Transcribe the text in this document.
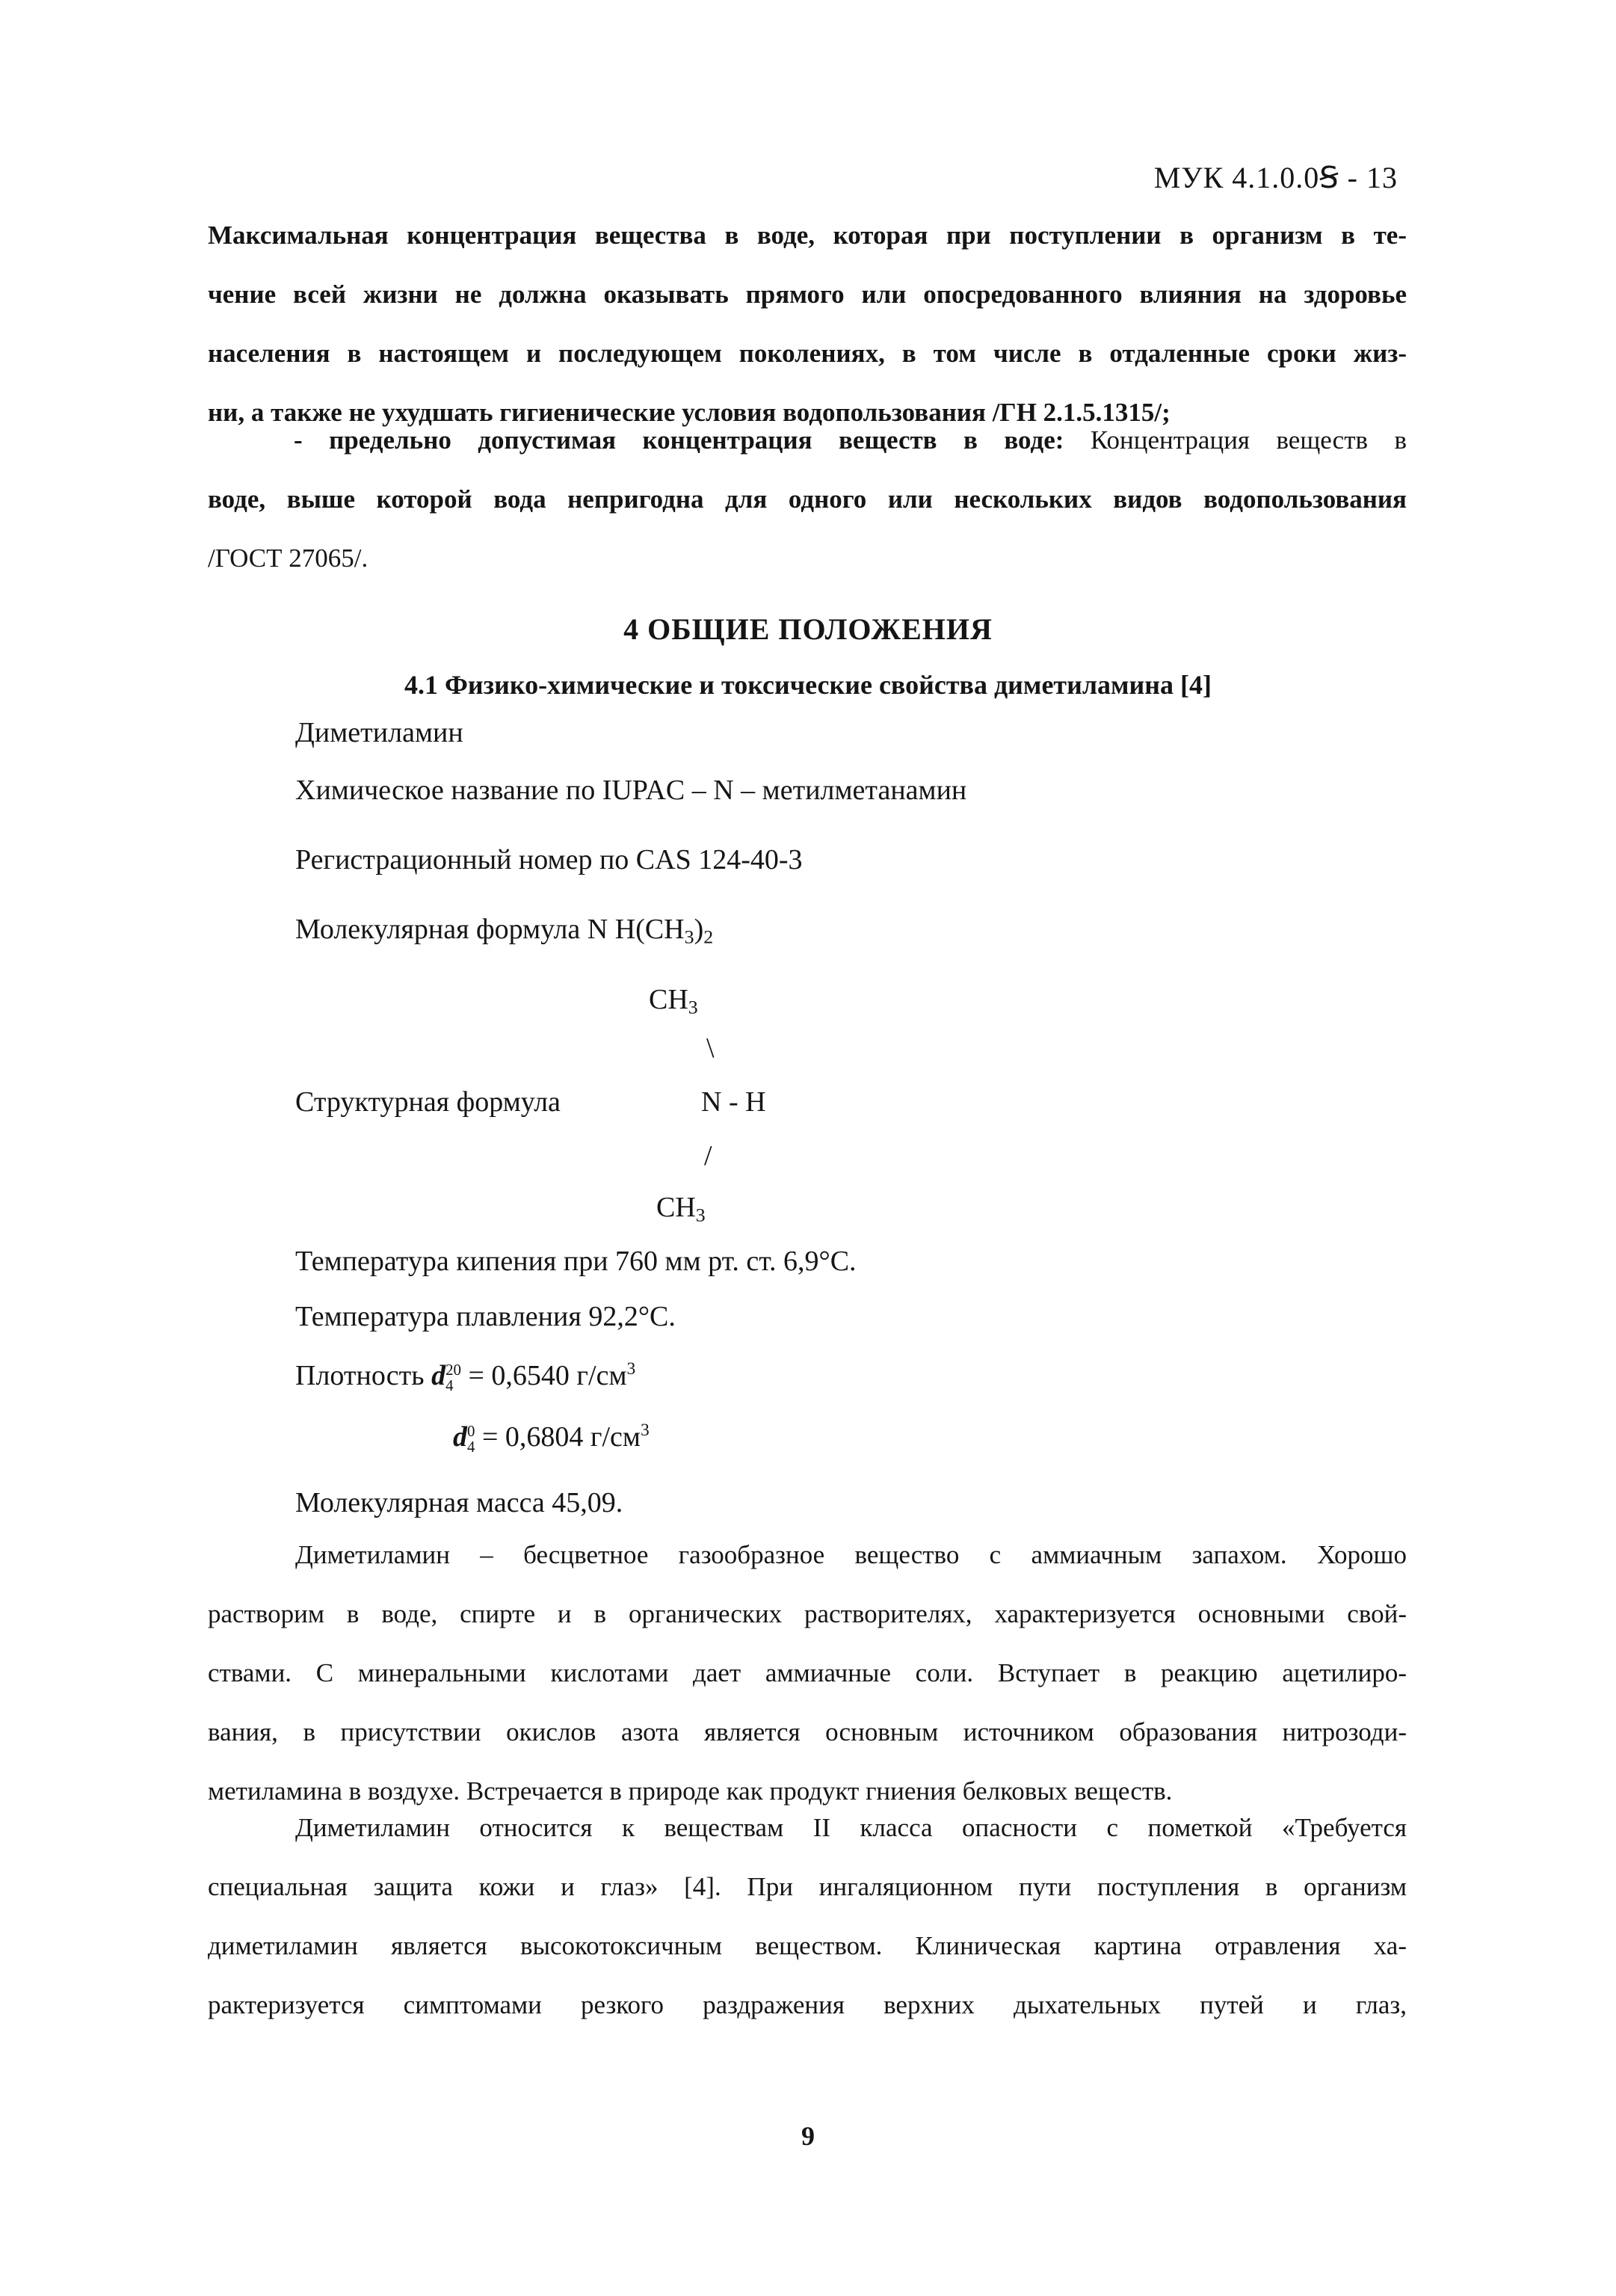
МУК 4.1.0.0Ꞩ - 13
Максимальная концентрация вещества в воде, которая при поступлении в организм в те-
чение всей жизни не должна оказывать прямого или опосредованного влияния на здоровье
населения в настоящем и последующем поколениях, в том числе в отдаленные сроки жиз-
ни, а также не ухудшать гигиенические условия водопользования /ГН 2.1.5.1315/;
- предельно допустимая концентрация веществ в воде: Концентрация веществ в
воде, выше которой вода непригодна для одного или нескольких видов водопользования
/ГОСТ 27065/.
4 ОБЩИЕ ПОЛОЖЕНИЯ
4.1 Физико-химические и токсические свойства диметиламина [4]
Диметиламин
Химическое название по IUPAC – N – метилметанамин
Регистрационный номер по CAS 124-40-3
Молекулярная формула N $H(CH_3)_2$
$CH_3$
\
Структурная формула	N - H
/
$CH_3$
Температура кипения при 760 мм рт. ст. 6,9°С.
Температура плавления 92,2°С.
Плотность d 20
4 = 0,6540 $г/см^3$
d 0
4 = 0,6804 $г/см^3$
Молекулярная масса 45,09.
Диметиламин – бесцветное газообразное вещество с аммиачным запахом. Хорошо
растворим в воде, спирте и в органических растворителях, характеризуется основными свой-
ствами. С минеральными кислотами дает аммиачные соли. Вступает в реакцию ацетилиро-
вания, в присутствии окислов азота является основным источником образования нитрозоди-
метиламина в воздухе. Встречается в природе как продукт гниения белковых веществ.
Диметиламин относится к веществам II класса опасности с пометкой «Требуется
специальная защита кожи и глаз» [4]. При ингаляционном пути поступления в организм
диметиламин является высокотоксичным веществом. Клиническая картина отравления ха-
рактеризуется симптомами резкого раздражения верхних дыхательных путей и глаз,
9
